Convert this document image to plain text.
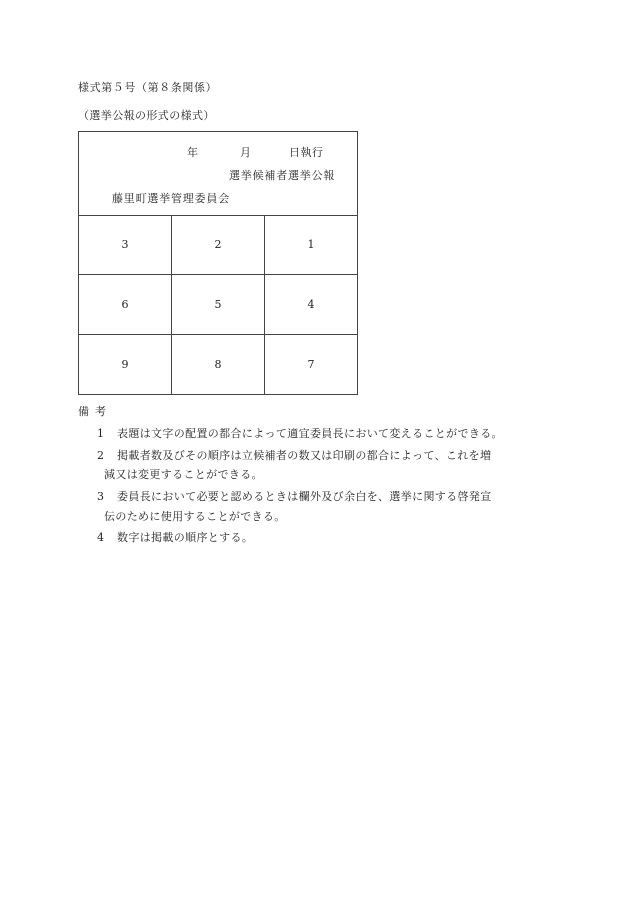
様式第５号（第８条関係）
（選挙公報の形式の様式）
年	月	日執行
選挙候補者選挙公報
藤里町選挙管理委員会
3	2	1
6	5	4
9	8	7
備考
1 表題は文字の配置の都合によって適宜委員長において変えることができる。
2 掲載者数及びその順序は立候補者の数又は印刷の都合によって、これを増
減又は変更することができる。
3 委員長において必要と認めるときは欄外及び余白を、選挙に関する啓発宣
伝のために使用することができる。
4 数字は掲載の順序とする。
